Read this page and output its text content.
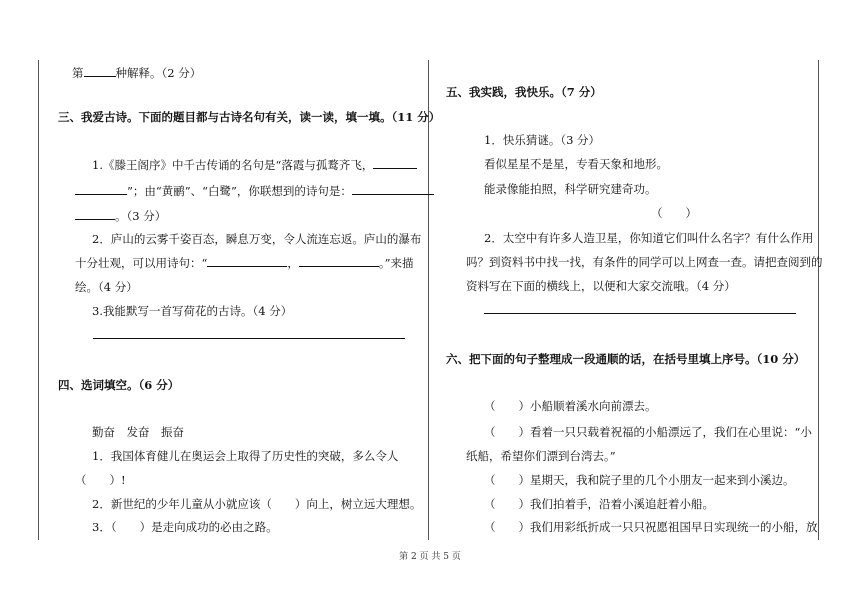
第	种解释。（2 分）
三、我爱古诗。下面的题目都与古诗名句有关，读一读，填一填。（11 分）
1.《滕王阁序》中千古传诵的名句是“落霞与孤鹜齐飞，
”；由“黄鹂”、“白鹭”，你联想到的诗句是：
。（3 分）
2．庐山的云雾千姿百态，瞬息万变，令人流连忘返。庐山的瀑布
十分壮观，可以用诗句：“	，	。”来描
绘。（4 分）
3.我能默写一首写荷花的古诗。（4 分）
四、选词填空。（6 分）
勤奋　发奋　振奋
1．我国体育健儿在奥运会上取得了历史性的突破，多么令人
（　　）!
2．新世纪的少年儿童从小就应该（　　）向上，树立远大理想。
3．（　　）是走向成功的必由之路。
五、我实践，我快乐。（7 分）
1．快乐猜谜。（3 分）
看似星星不是星，专看天象和地形。
能录像能拍照，科学研究建奇功。
（　　）
2．太空中有许多人造卫星，你知道它们叫什么名字？有什么作用
吗？到资料书中找一找，有条件的同学可以上网查一查。请把查阅到的
资料写在下面的横线上，以便和大家交流哦。（4 分）
六、把下面的句子整理成一段通顺的话，在括号里填上序号。（10 分）
（　　）小船顺着溪水向前漂去。
（　　）看着一只只载着祝福的小船漂远了，我们在心里说：“小
纸船，希望你们漂到台湾去。”
（　　）星期天，我和院子里的几个小朋友一起来到小溪边。
（　　）我们拍着手，沿着小溪追赶着小船。
（　　）我们用彩纸折成一只只祝愿祖国早日实现统一的小船，放
第 2 页 共 5 页
